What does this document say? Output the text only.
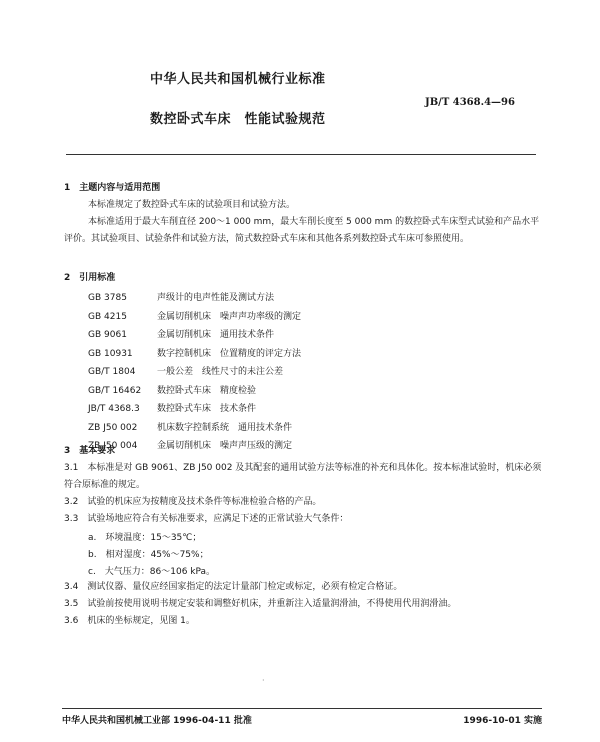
中华人民共和国机械行业标准
JB/T 4368.4—96
数控卧式车床　性能试验规范
1　主题内容与适用范围
本标准规定了数控卧式车床的试验项目和试验方法。
本标准适用于最大车削直径 200～1 000 mm，最大车削长度至 5 000 mm 的数控卧式车床型式试验和产品水平评价。其试验项目、试验条件和试验方法，简式数控卧式车床和其他各系列数控卧式车床可参照使用。
2　引用标准
GB 3785　	声级计的电声性能及测试方法
GB 4215　	金属切削机床　噪声声功率级的测定
GB 9061　	金属切削机床　通用技术条件
GB 10931　	数字控制机床　位置精度的评定方法
GB/T 1804　 一般公差　线性尺寸的未注公差
GB/T 16462　 数控卧式车床　精度检验
JB/T 4368.3　 数控卧式车床　技术条件
ZB J50 002　 机床数字控制系统　通用技术条件
ZB J50 004　 金属切削机床　噪声声压级的测定
3　基本要求
3.1　本标准是对 GB 9061、ZB J50 002 及其配套的通用试验方法等标准的补充和具体化。按本标准试验时，机床必须符合原标准的规定。
3.2　试验的机床应为按精度及技术条件等标准检验合格的产品。
3.3　试验场地应符合有关标准要求，应满足下述的正常试验大气条件：
a.　环境温度：15～35℃；
b.　相对湿度：45%～75%；
c.　大气压力：86～106 kPa。
3.4　测试仪器、量仪应经国家指定的法定计量部门检定或标定，必须有检定合格证。
3.5　试验前按使用说明书规定安装和调整好机床，并重新注入适量润滑油，不得使用代用润滑油。
3.6　机床的坐标规定，见图 1。
·
中华人民共和国机械工业部 1996-04-11 批准	1996-10-01 实施
